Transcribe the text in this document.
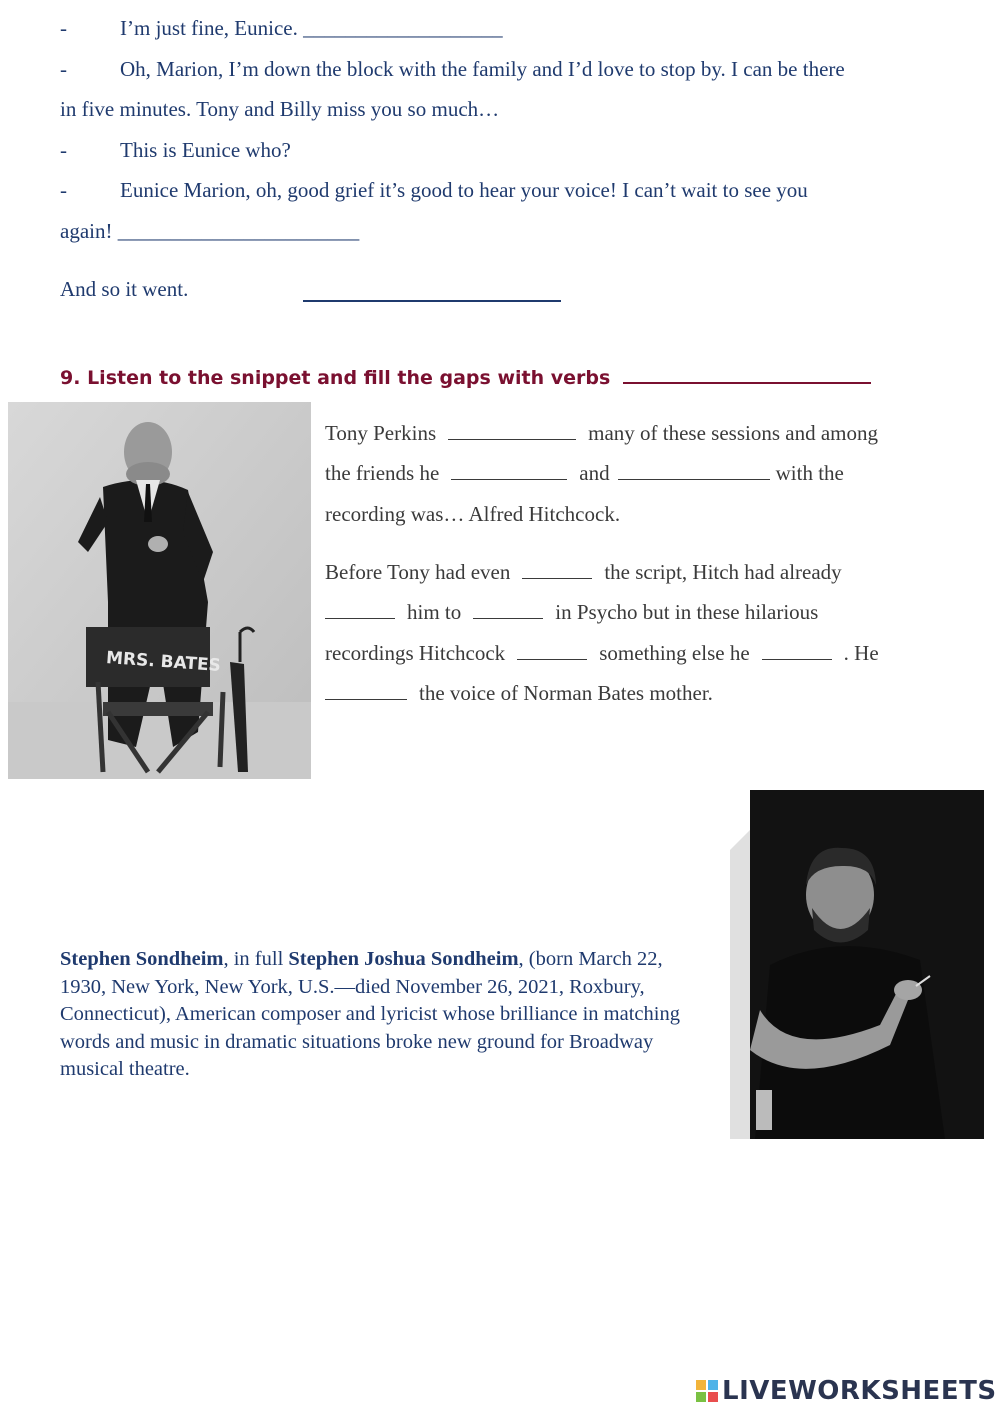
-	I’m just fine, Eunice. ___________________
-	Oh, Marion, I’m down the block with the family and I’d love to stop by. I can be there
in five minutes. Tony and Billy miss you so much…
-	This is Eunice who?
-	Eunice Marion, oh, good grief it’s good to hear your voice! I can’t wait to see you
again! _______________________
And so it went.
9. Listen to the snippet and fill the gaps with verbs
MRS. BATES
Tony Perkins	many of these sessions and among
the friends he	and	with the
recording was… Alfred Hitchcock.
Before Tony had even	the script, Hitch had already
him to	in Psycho but in these hilarious
recordings Hitchcock	something else he	. He
the voice of Norman Bates mother.
Stephen Sondheim, in full Stephen Joshua Sondheim, (born March 22, 1930, New York, New York, U.S.—died November 26, 2021, Roxbury, Connecticut), American composer and lyricist whose brilliance in matching words and music in dramatic situations broke new ground for Broadway musical theatre.
LIVEWORKSHEETS
